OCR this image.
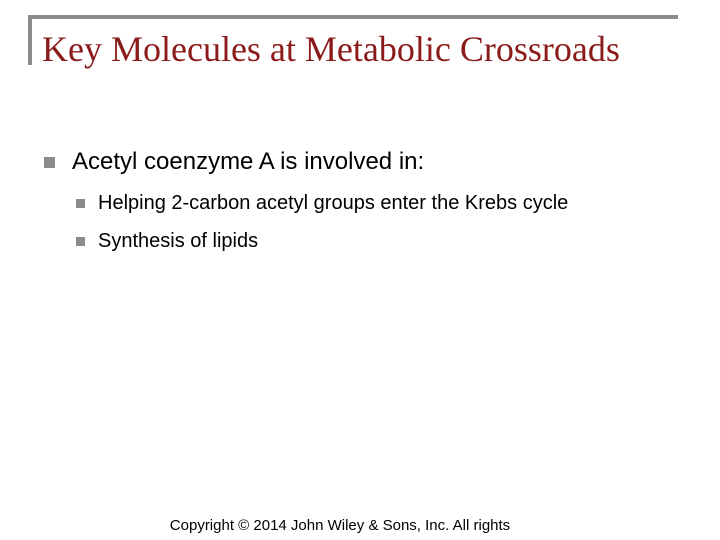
Key Molecules at Metabolic Crossroads
Acetyl coenzyme A is involved in:
Helping 2-carbon acetyl groups enter the Krebs cycle
Synthesis of lipids
Copyright © 2014 John Wiley & Sons, Inc. All rights
